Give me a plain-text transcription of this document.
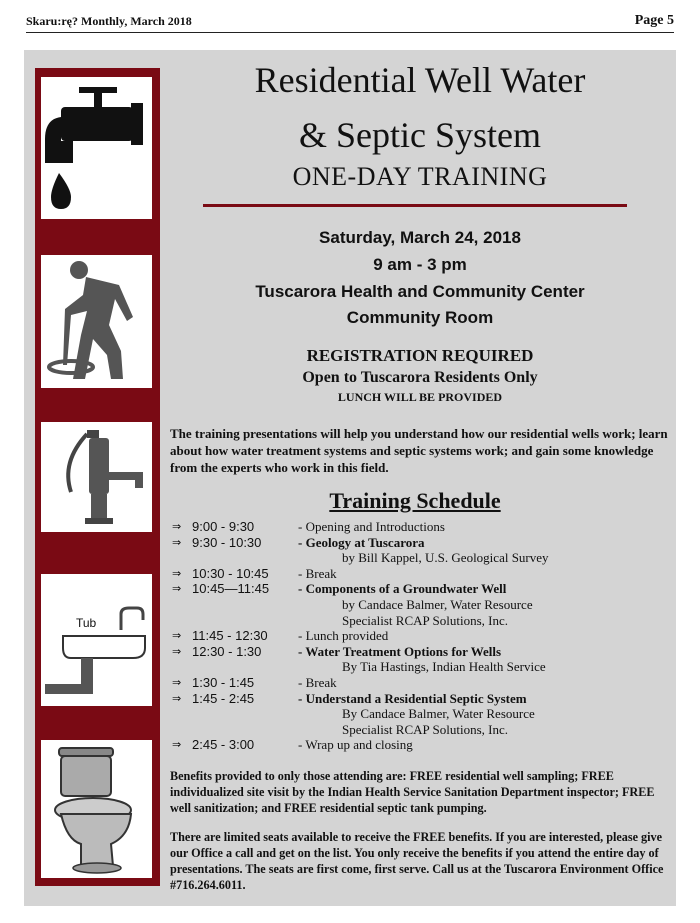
Skaru:rę? Monthly, March 2018	Page 5
Tub
Residential Well Water
& Septic System
ONE-DAY TRAINING
Saturday, March 24, 2018
9 am - 3 pm
Tuscarora Health and Community Center
Community Room
REGISTRATION REQUIRED
Open to Tuscarora Residents Only
LUNCH WILL BE PROVIDED
The training presentations will help you understand how our residential wells work; learn about how water treatment systems and septic systems work; and gain some knowledge from the experts who work in this field.
Training Schedule
⇒ 9:00 - 9:30	- Opening and Introductions
⇒ 9:30 - 10:30	- Geology at Tuscarora
by Bill Kappel, U.S. Geological Survey
⇒ 10:30 - 10:45 - Break
⇒ 10:45—11:45 - Components of a Groundwater Well
by Candace Balmer, Water Resource
Specialist RCAP Solutions, Inc.
⇒ 11:45 - 12:30 - Lunch provided
⇒ 12:30 - 1:30	- Water Treatment Options for Wells
By Tia Hastings, Indian Health Service
⇒ 1:30 - 1:45	- Break
⇒ 1:45 - 2:45	- Understand a Residential Septic System
By Candace Balmer, Water Resource
Specialist RCAP Solutions, Inc.
⇒ 2:45 - 3:00	- Wrap up and closing
Benefits provided to only those attending are: FREE residential well sampling; FREE individualized site visit by the Indian Health Service Sanitation Department inspector; FREE well sanitization; and FREE residential septic tank pumping.
There are limited seats available to receive the FREE benefits. If you are interested, please give our Office a call and get on the list. You only receive the benefits if you attend the entire day of presentations. The seats are first come, first serve. Call us at the Tuscarora Environment Office #716.264.6011.
